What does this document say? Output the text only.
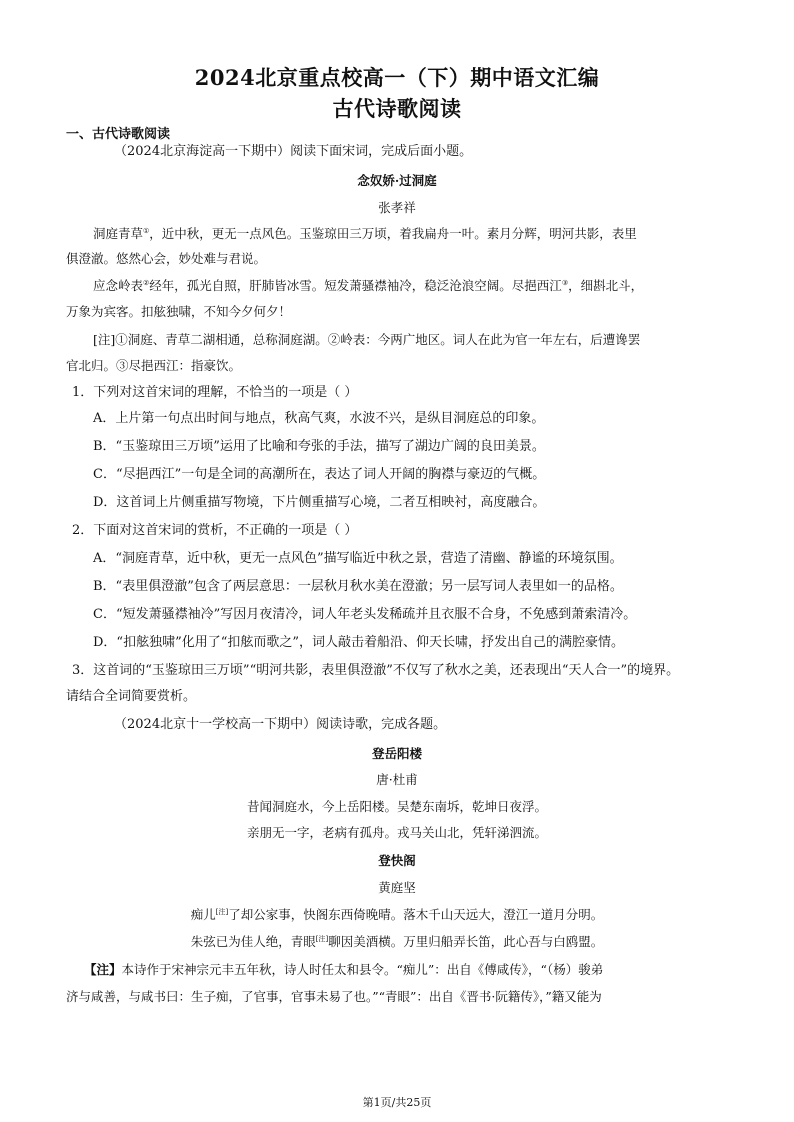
2024北京重点校高一（下）期中语文汇编
古代诗歌阅读
一、古代诗歌阅读
（2024北京海淀高一下期中）阅读下面宋词，完成后面小题。
念奴娇·过洞庭
张孝祥
洞庭青草①，近中秋，更无一点风色。玉鉴琼田三万顷，着我扁舟一叶。素月分辉，明河共影，表里
俱澄澈。悠然心会，妙处难与君说。
应念岭表②经年，孤光自照，肝肺皆冰雪。短发萧骚襟袖冷，稳泛沧浪空阔。尽挹西江③，细斟北斗，
万象为宾客。扣舷独啸，不知今夕何夕！
[注]①洞庭、青草二湖相通，总称洞庭湖。②岭表：今两广地区。词人在此为官一年左右，后遭谗罢
官北归。③尽挹西江：指豪饮。
1．下列对这首宋词的理解，不恰当的一项是（ ）
A．上片第一句点出时间与地点，秋高气爽，水波不兴，是纵目洞庭总的印象。
B．“玉鉴琼田三万顷”运用了比喻和夸张的手法，描写了湖边广阔的良田美景。
C．“尽挹西江”一句是全词的高潮所在，表达了词人开阔的胸襟与豪迈的气概。
D．这首词上片侧重描写物境，下片侧重描写心境，二者互相映衬，高度融合。
2．下面对这首宋词的赏析，不正确的一项是（ ）
A．“洞庭青草，近中秋，更无一点风色”描写临近中秋之景，营造了清幽、静谧的环境氛围。
B．“表里俱澄澈”包含了两层意思：一层秋月秋水美在澄澈；另一层写词人表里如一的品格。
C．“短发萧骚襟袖冷”写因月夜清冷，词人年老头发稀疏并且衣服不合身，不免感到萧索清冷。
D．“扣舷独啸”化用了“扣舷而歌之”，词人敲击着船沿、仰天长啸，抒发出自己的满腔豪情。
3．这首词的“玉鉴琼田三万顷”“明河共影，表里俱澄澈”不仅写了秋水之美，还表现出“天人合一”的境界。
请结合全词简要赏析。
（2024北京十一学校高一下期中）阅读诗歌，完成各题。
登岳阳楼
唐·杜甫
昔闻洞庭水，今上岳阳楼。吴楚东南坼，乾坤日夜浮。
亲朋无一字，老病有孤舟。戎马关山北，凭轩涕泗流。
登快阁
黄庭坚
痴儿[注]了却公家事，快阁东西倚晚晴。落木千山天远大，澄江一道月分明。
朱弦已为佳人绝，青眼[注]聊因美酒横。万里归船弄长笛，此心吾与白鸥盟。
【注】本诗作于宋神宗元丰五年秋，诗人时任太和县令。“痴儿”：出自《傅咸传》，“（杨）骏弟
济与咸善，与咸书曰：生子痴，了官事，官事未易了也。”“青眼”：出自《晋书·阮籍传》，”籍又能为
第1页/共25页
